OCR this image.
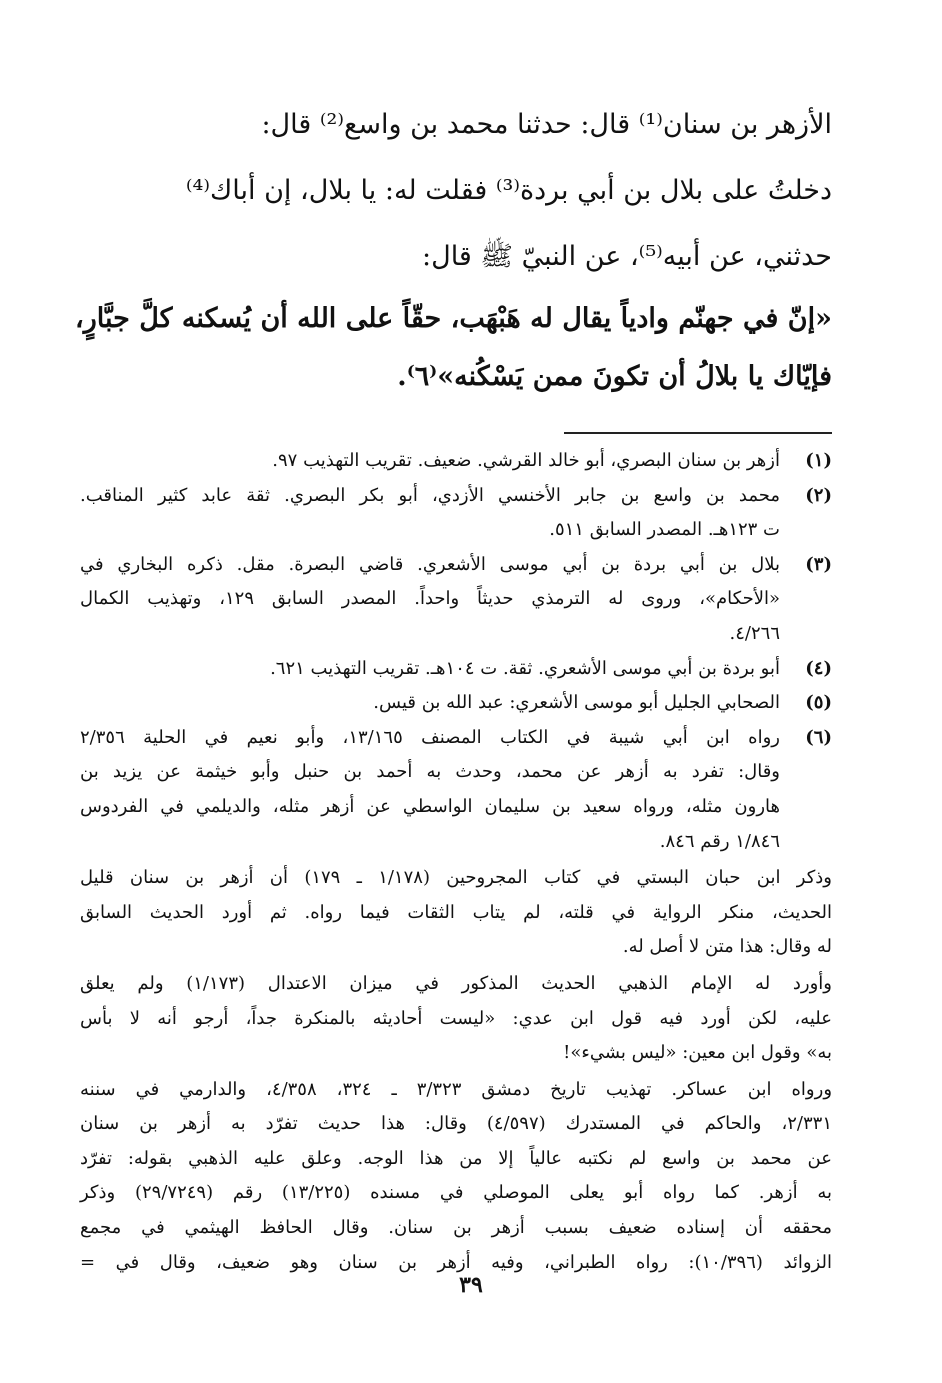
الأزهر بن سنان⁽¹⁾ قال: حدثنا محمد بن واسع⁽²⁾ قال:
دخلتُ على بلال بن أبي بردة⁽³⁾ فقلت له: يا بلال، إن أباك⁽⁴⁾
حدثني، عن أبيه⁽⁵⁾، عن النبيّ ﷺ قال:
«إنّ في جهنّم وادياً يقال له هَبْهَب، حقّاً على الله أن يُسكنه كلَّ جبَّارٍ،
فإيّاك يا بلالُ أن تكونَ ممن يَسْكُنه»⁽٦⁾.
(١)
أزهر بن سنان البصري، أبو خالد القرشي. ضعيف. تقريب التهذيب ٩٧.
(٢)
محمد بن واسع بن جابر الأخنسي الأزدي، أبو بكر البصري. ثقة عابد كثير المناقب.
ت ١٢٣هـ. المصدر السابق ٥١١.
(٣)
بلال بن أبي بردة بن أبي موسى الأشعري. قاضي البصرة. مقل. ذكره البخاري في
«الأحكام»، وروى له الترمذي حديثاً واحداً. المصدر السابق ١٢٩، وتهذيب الكمال
٤/٢٦٦.
(٤)
أبو بردة بن أبي موسى الأشعري. ثقة. ت ١٠٤هـ. تقريب التهذيب ٦٢١.
(٥)
الصحابي الجليل أبو موسى الأشعري: عبد الله بن قيس.
(٦)
رواه ابن أبي شيبة في الكتاب المصنف ١٣/١٦٥، وأبو نعيم في الحلية ٢/٣٥٦
وقال: تفرد به أزهر عن محمد، وحدث به أحمد بن حنبل وأبو خيثمة عن يزيد بن
هارون مثله، ورواه سعيد بن سليمان الواسطي عن أزهر مثله، والديلمي في الفردوس
١/٨٤٦ رقم ٨٤٦.
وذكر ابن حبان البستي في كتاب المجروحين (١/١٧٨ ـ ١٧٩) أن أزهر بن سنان قليل
الحديث، منكر الرواية في قلته، لم يتاب الثقات فيما رواه. ثم أورد الحديث السابق
له وقال: هذا متن لا أصل له.
وأورد له الإمام الذهبي الحديث المذكور في ميزان الاعتدال (١/١٧٣) ولم يعلق
عليه، لكن أورد فيه قول ابن عدي: «ليست أحاديثه بالمنكرة جداً، أرجو أنه لا بأس
به» وقول ابن معين: «ليس بشيء»!
ورواه ابن عساكر. تهذيب تاريخ دمشق ٣/٣٢٣ ـ ٣٢٤، ٤/٣٥٨، والدارمي في سننه
٢/٣٣١، والحاكم في المستدرك (٤/٥٩٧) وقال: هذا حديث تفرّد به أزهر بن سنان
عن محمد بن واسع لم نكتبه عالياً إلا من هذا الوجه. وعلق عليه الذهبي بقوله: تفرّد
به أزهر. كما رواه أبو يعلى الموصلي في مسنده (١٣/٢٢٥) رقم (٢٩/٧٢٤٩) وذكر
محققه أن إسناده ضعيف بسبب أزهر بن سنان. وقال الحافظ الهيثمي في مجمع
الزوائد (١٠/٣٩٦): رواه الطبراني، وفيه أزهر بن سنان وهو ضعيف، وقال في =
٣٩
